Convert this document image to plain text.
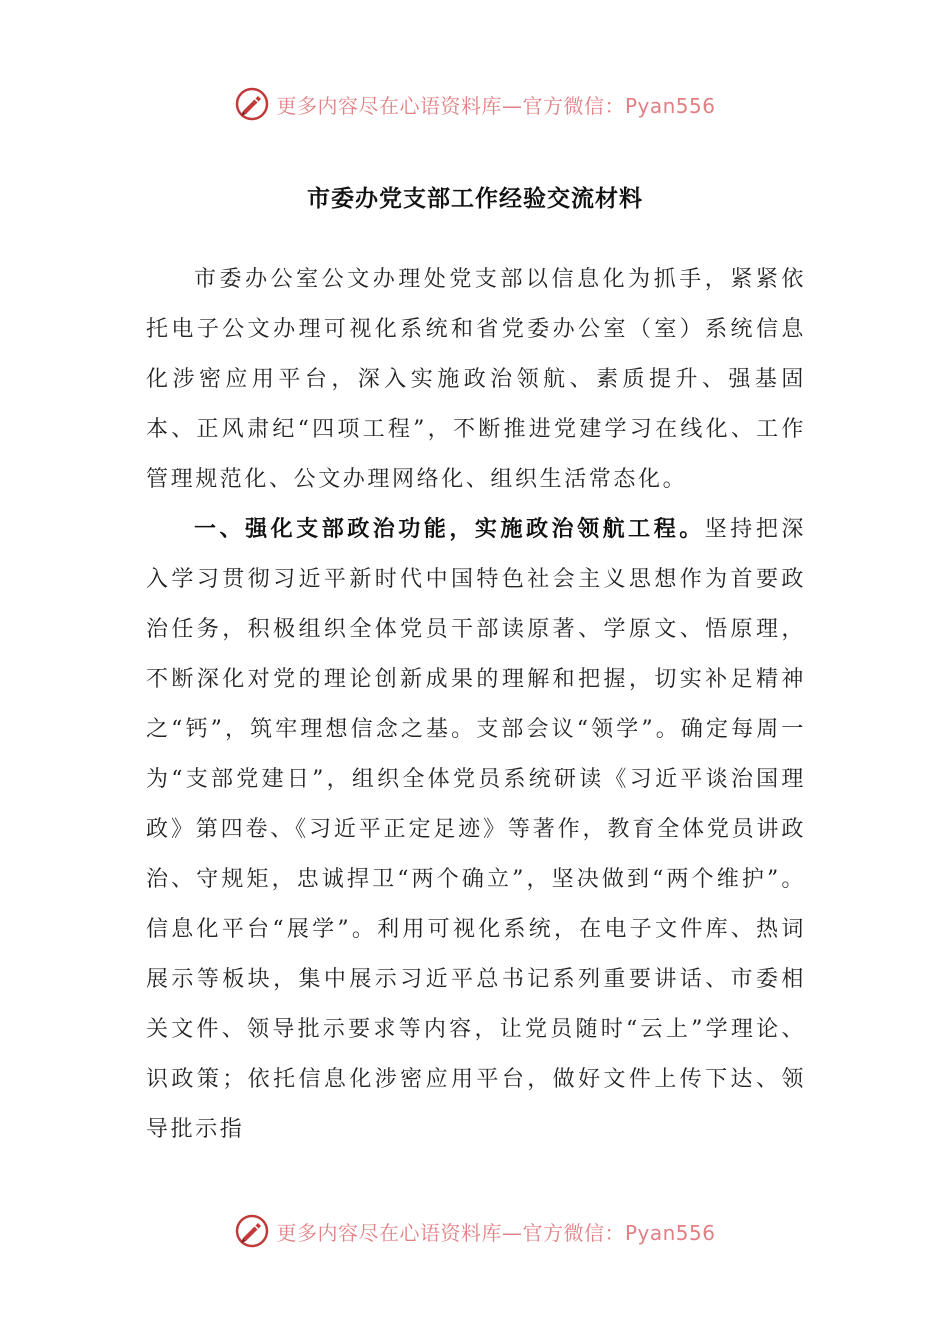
更多内容尽在心语资料库—官方微信：Pyan556
市委办党支部工作经验交流材料

市委办公室公文办理处党支部以信息化为抓手，紧紧依托电子公文办理可视化系统和省党委办公室（室）系统信息化涉密应用平台，深入实施政治领航、素质提升、强基固本、正风肃纪“四项工程”，不断推进党建学习在线化、工作管理规范化、公文办理网络化、组织生活常态化。

一、强化支部政治功能，实施政治领航工程。坚持把深入学习贯彻习近平新时代中国特色社会主义思想作为首要政治任务，积极组织全体党员干部读原著、学原文、悟原理，不断深化对党的理论创新成果的理解和把握，切实补足精神之“钙”，筑牢理想信念之基。支部会议“领学”。确定每周一为“支部党建日”，组织全体党员系统研读《习近平谈治国理政》第四卷、《习近平正定足迹》等著作，教育全体党员讲政治、守规矩，忠诚捍卫“两个确立”，坚决做到“两个维护”。信息化平台“展学”。利用可视化系统，在电子文件库、热词展示等板块，集中展示习近平总书记系列重要讲话、市委相关文件、领导批示要求等内容，让党员随时“云上”学理论、识政策；依托信息化涉密应用平台，做好文件上传下达、领导批示指

更多内容尽在心语资料库—官方微信：Pyan556
